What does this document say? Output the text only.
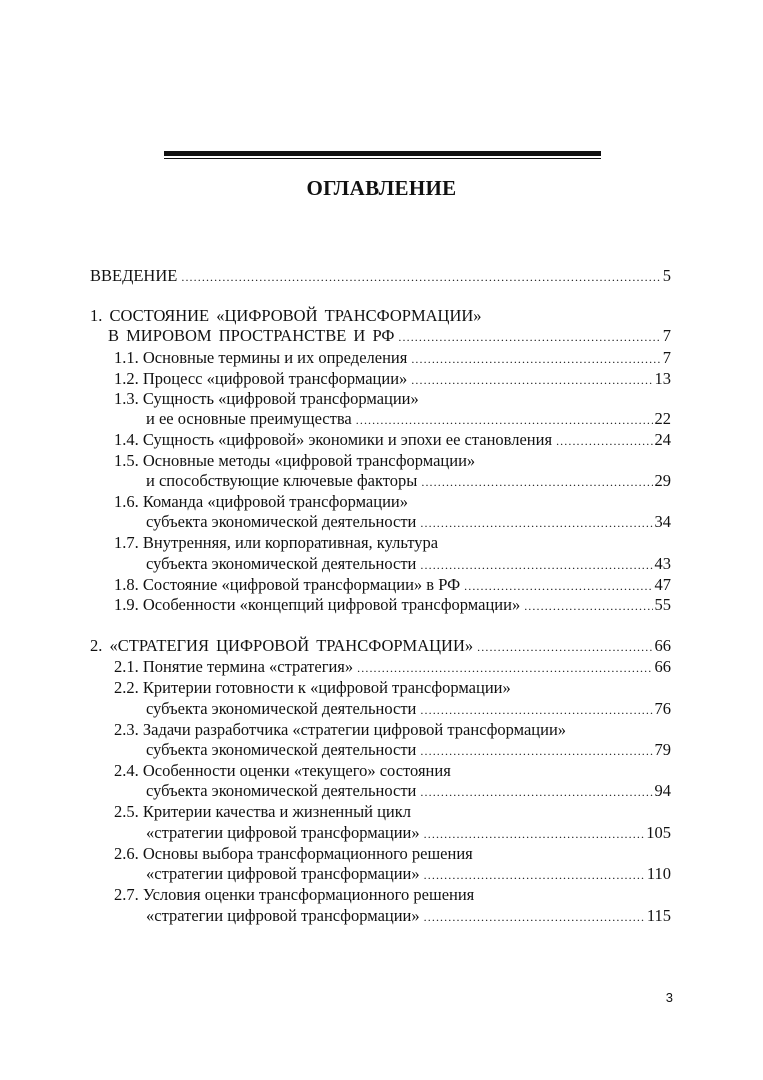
ОГЛАВЛЕНИЕ
ВВЕДЕНИЕ .....	5
1. СОСТОЯНИЕ «ЦИФРОВОЙ ТРАНСФОРМАЦИИ»
В МИРОВОМ ПРОСТРАНСТВЕ И РФ .....	7
1.1. Основные термины и их определения .....	7
1.2. Процесс «цифровой трансформации» .....	13
1.3. Сущность «цифровой трансформации»
и ее основные преимущества .....	22
1.4. Сущность «цифровой» экономики и эпохи ее становления .....	24
1.5. Основные методы «цифровой трансформации»
и способствующие ключевые факторы .....	29
1.6. Команда «цифровой трансформации»
субъекта экономической деятельности .....	34
1.7. Внутренняя, или корпоративная, культура
субъекта экономической деятельности .....	43
1.8. Состояние «цифровой трансформации» в РФ .....	47
1.9. Особенности «концепций цифровой трансформации» .....	55
2. «СТРАТЕГИЯ ЦИФРОВОЙ ТРАНСФОРМАЦИИ» .....	66
2.1. Понятие термина «стратегия» .....	66
2.2. Критерии готовности к «цифровой трансформации»
субъекта экономической деятельности .....	76
2.3. Задачи разработчика «стратегии цифровой трансформации»
субъекта экономической деятельности .....	79
2.4. Особенности оценки «текущего» состояния
субъекта экономической деятельности .....	94
2.5. Критерии качества и жизненный цикл
«стратегии цифровой трансформации» .....	105
2.6. Основы выбора трансформационного решения
«стратегии цифровой трансформации» .....	110
2.7. Условия оценки трансформационного решения
«стратегии цифровой трансформации» .....	115
3
